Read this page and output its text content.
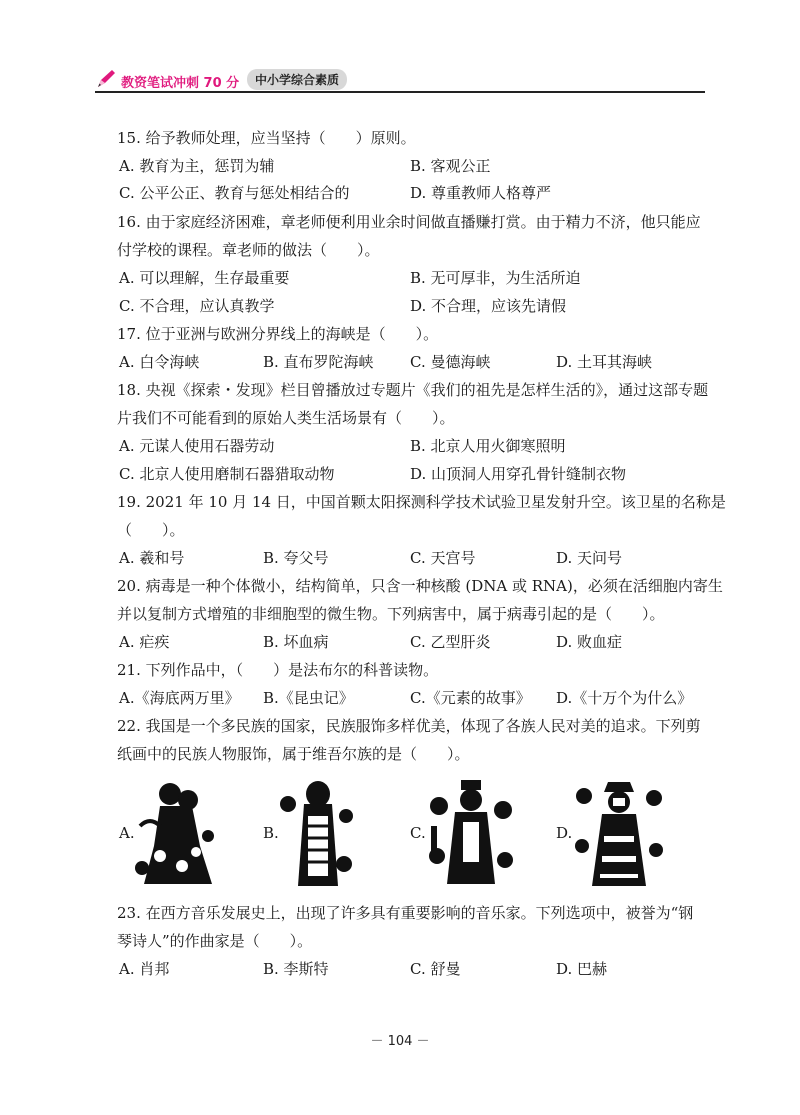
教资笔试冲刺 70 分	中小学综合素质
15. 给予教师处理，应当坚持（　　）原则。
A. 教育为主，惩罚为辅	B. 客观公正
C. 公平公正、教育与惩处相结合的	D. 尊重教师人格尊严
16. 由于家庭经济困难，章老师便利用业余时间做直播赚打赏。由于精力不济，他只能应
付学校的课程。章老师的做法（　　）。
A. 可以理解，生存最重要	B. 无可厚非，为生活所迫
C. 不合理，应认真教学	D. 不合理，应该先请假
17. 位于亚洲与欧洲分界线上的海峡是（　　）。
A. 白令海峡	B. 直布罗陀海峡 C. 曼德海峡	D. 土耳其海峡
18. 央视《探索・发现》栏目曾播放过专题片《我们的祖先是怎样生活的》，通过这部专题
片我们不可能看到的原始人类生活场景有（　　）。
A. 元谋人使用石器劳动	B. 北京人用火御寒照明
C. 北京人使用磨制石器猎取动物	D. 山顶洞人用穿孔骨针缝制衣物
19. 2021 年 10 月 14 日，中国首颗太阳探测科学技术试验卫星发射升空。该卫星的名称是
（　　）。
A. 羲和号	B. 夸父号	C. 天宫号	D. 天问号
20. 病毒是一种个体微小，结构简单，只含一种核酸 (DNA 或 RNA)，必须在活细胞内寄生
并以复制方式增殖的非细胞型的微生物。下列病害中，属于病毒引起的是（　　）。
A. 疟疾	B. 坏血病	C. 乙型肝炎	D. 败血症
21. 下列作品中，（　　）是法布尔的科普读物。
A.《海底两万里》 B.《昆虫记》	C.《元素的故事》 D.《十万个为什么》
22. 我国是一个多民族的国家，民族服饰多样优美，体现了各族人民对美的追求。下列剪
纸画中的民族人物服饰，属于维吾尔族的是（　　）。
A.	B.	C.	D.
23. 在西方音乐发展史上，出现了许多具有重要影响的音乐家。下列选项中，被誉为“钢
琴诗人”的作曲家是（　　）。
A. 肖邦	B. 李斯特	C. 舒曼	D. 巴赫
－ 104 －
